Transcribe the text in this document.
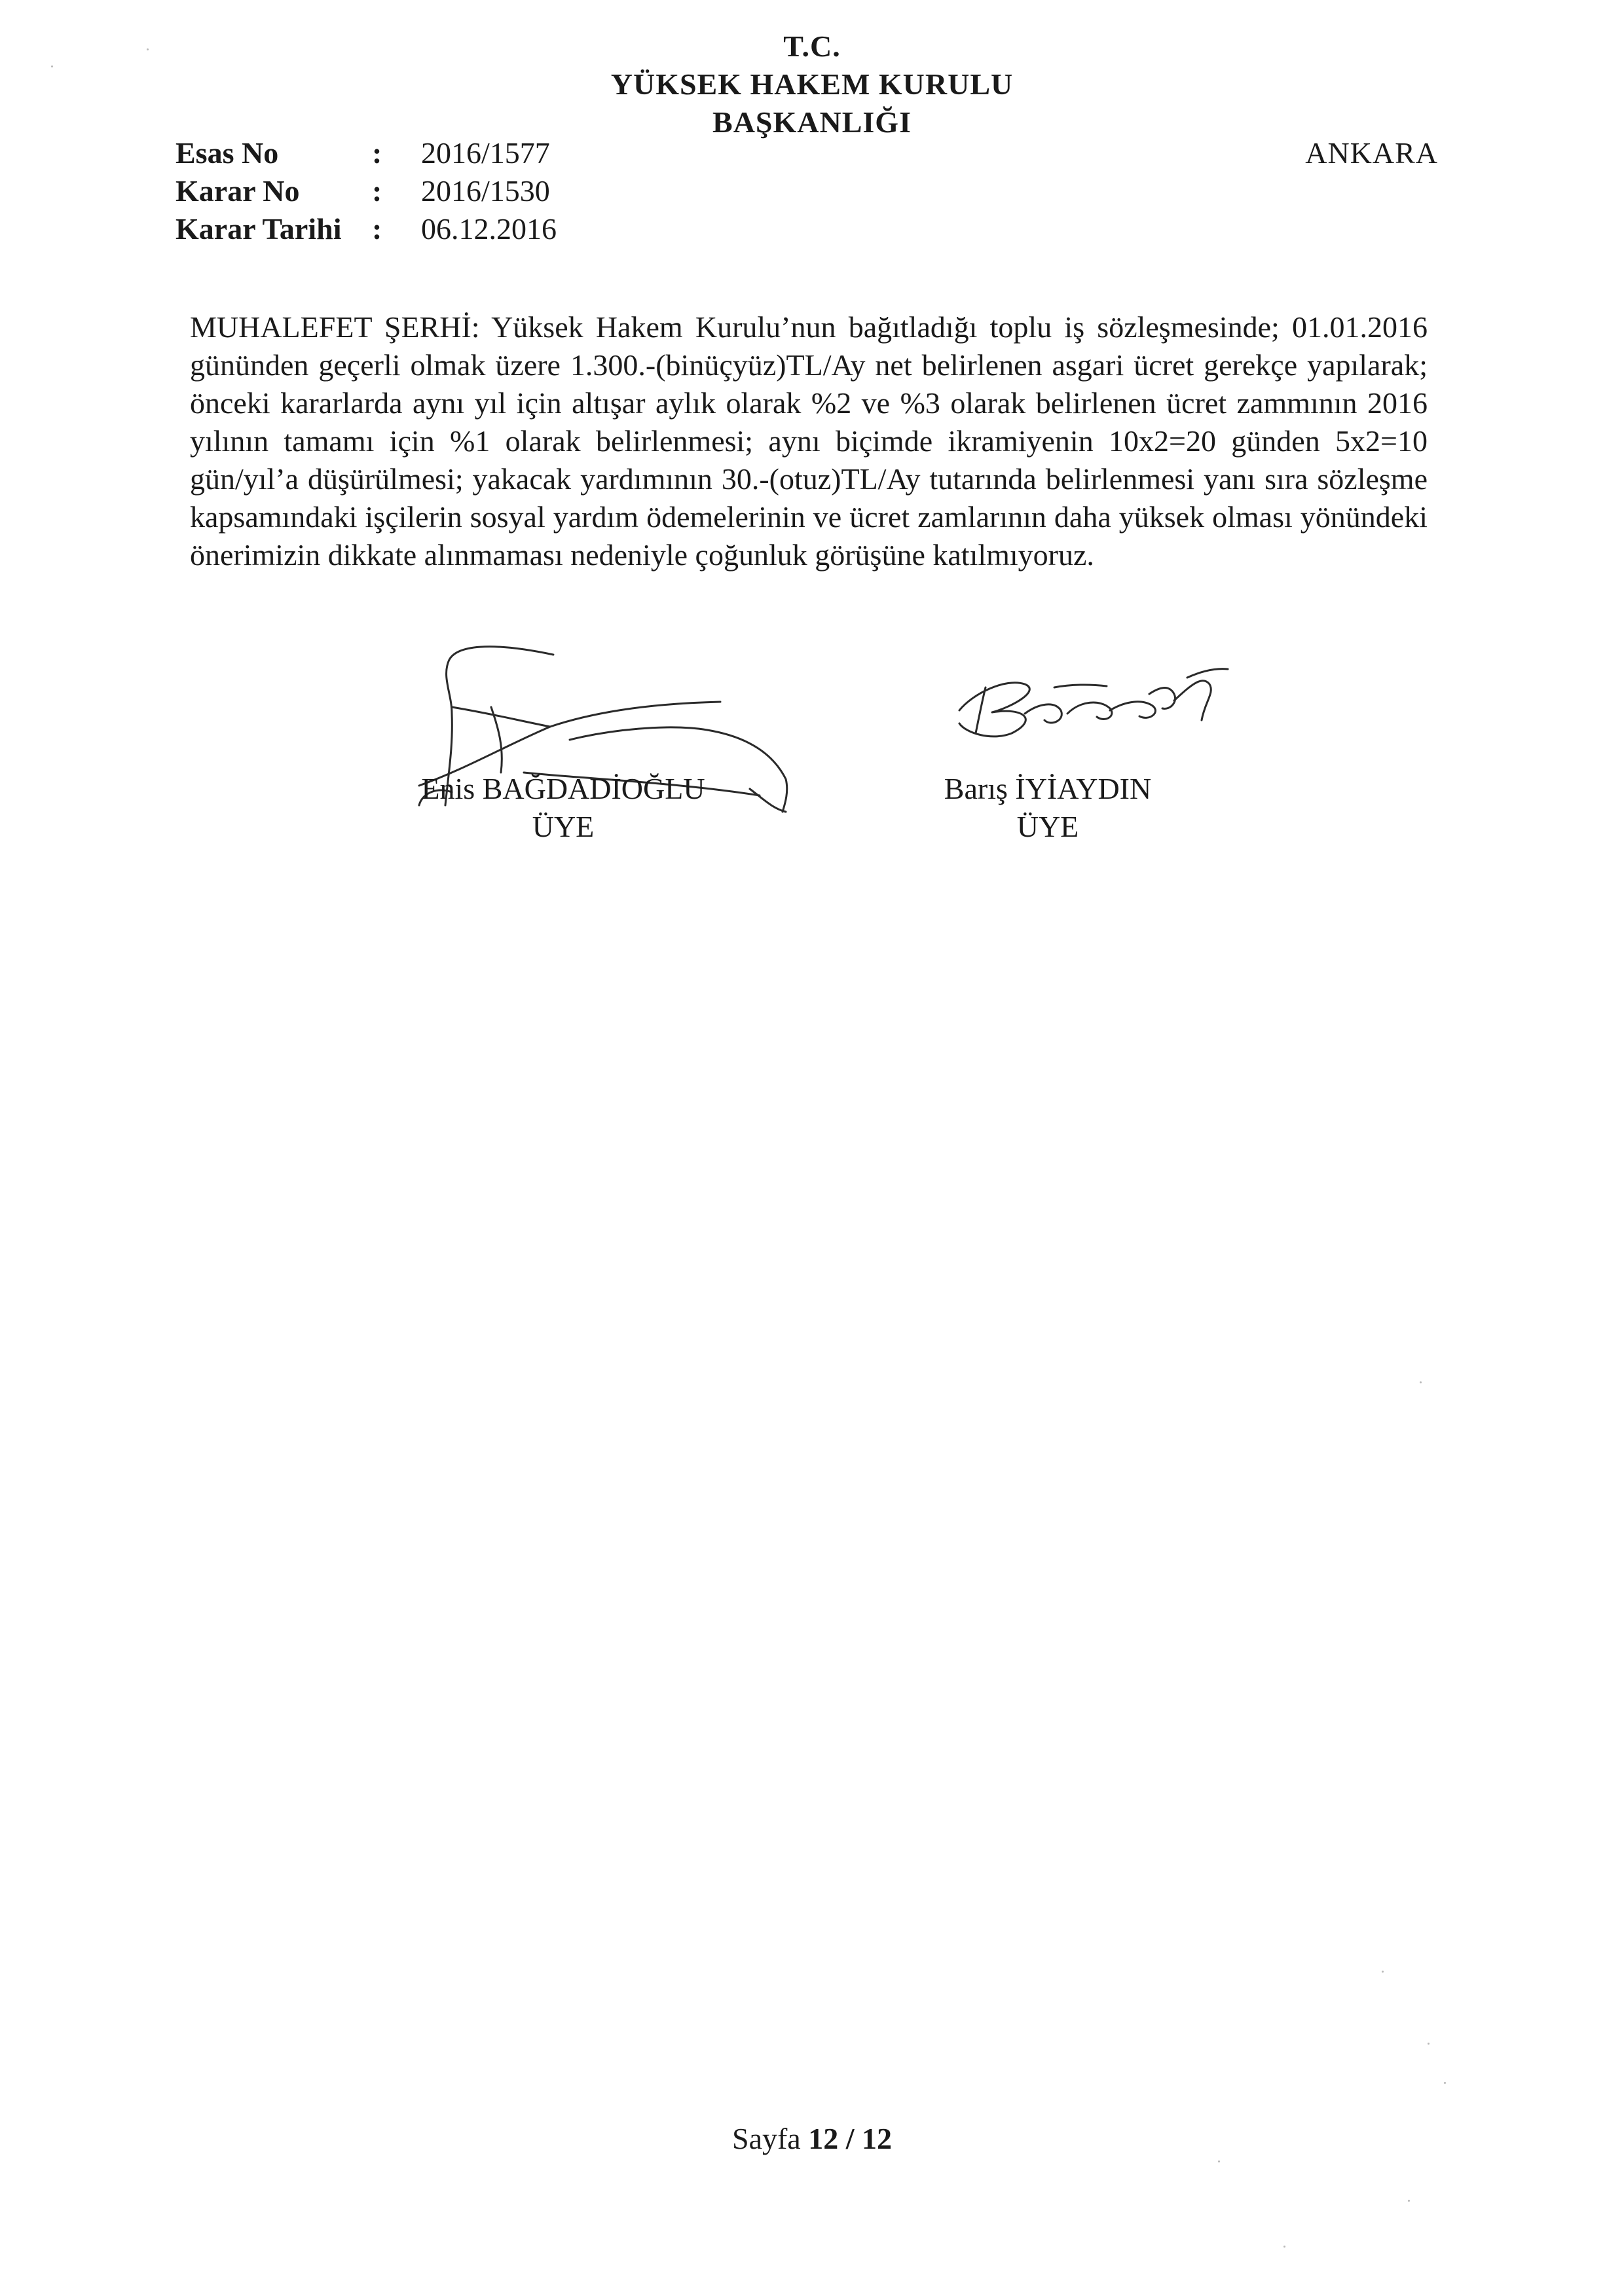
T.C.
YÜKSEK HAKEM KURULU
BAŞKANLIĞI
Esas No	: 2016/1577
Karar No : 2016/1530
Karar Tarihi : 06.12.2016
ANKARA

MUHALEFET ŞERHİ: Yüksek Hakem Kurulu’nun bağıtladığı toplu iş sözleşmesinde; 01.01.2016 gününden geçerli olmak üzere 1.300.-(binüçyüz)TL/Ay net belirlenen asgari ücret gerekçe yapılarak; önceki kararlarda aynı yıl için altışar aylık olarak %2 ve %3 olarak belirlenen ücret zammının 2016 yılının tamamı için %1 olarak belirlenmesi; aynı biçimde ikramiyenin 10x2=20 günden 5x2=10 gün/yıl’a düşürülmesi; yakacak yardımının 30.-(otuz)TL/Ay tutarında belirlenmesi yanı sıra sözleşme kapsamındaki işçilerin sosyal yardım ödemelerinin ve ücret zamlarının daha yüksek olması yönündeki önerimizin dikkate alınmaması nedeniyle çoğunluk görüşüne katılmıyoruz.

Enis BAĞDADİOĞLU
ÜYE
Barış İYİAYDIN
ÜYE
Sayfa 12 / 12
